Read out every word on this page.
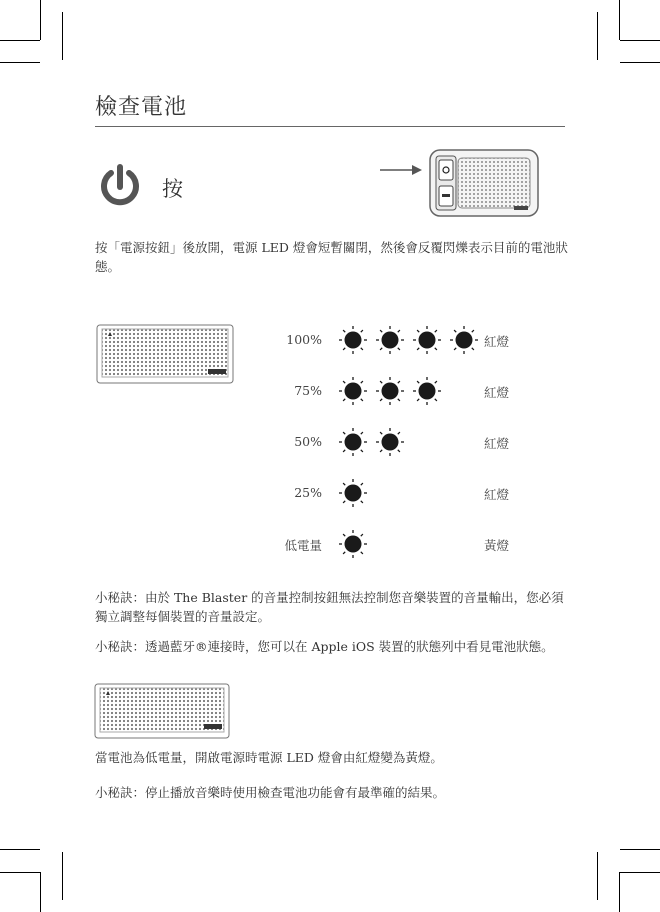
檢查電池
按

按「電源按鈕」後放開，電源 LED 燈會短暫關閉，然後會反覆閃爍表示目前的電池狀態。

100%	紅燈
75%	紅燈
50%	紅燈
25%	紅燈
低電量	黃燈

小秘訣：由於 The Blaster 的音量控制按鈕無法控制您音樂裝置的音量輸出，您必須獨立調整每個裝置的音量設定。

小秘訣：透過藍牙®連接時，您可以在 Apple iOS 裝置的狀態列中看見電池狀態。

當電池為低電量，開啟電源時電源 LED 燈會由紅燈變為黃燈。

小秘訣：停止播放音樂時使用檢查電池功能會有最準確的結果。
